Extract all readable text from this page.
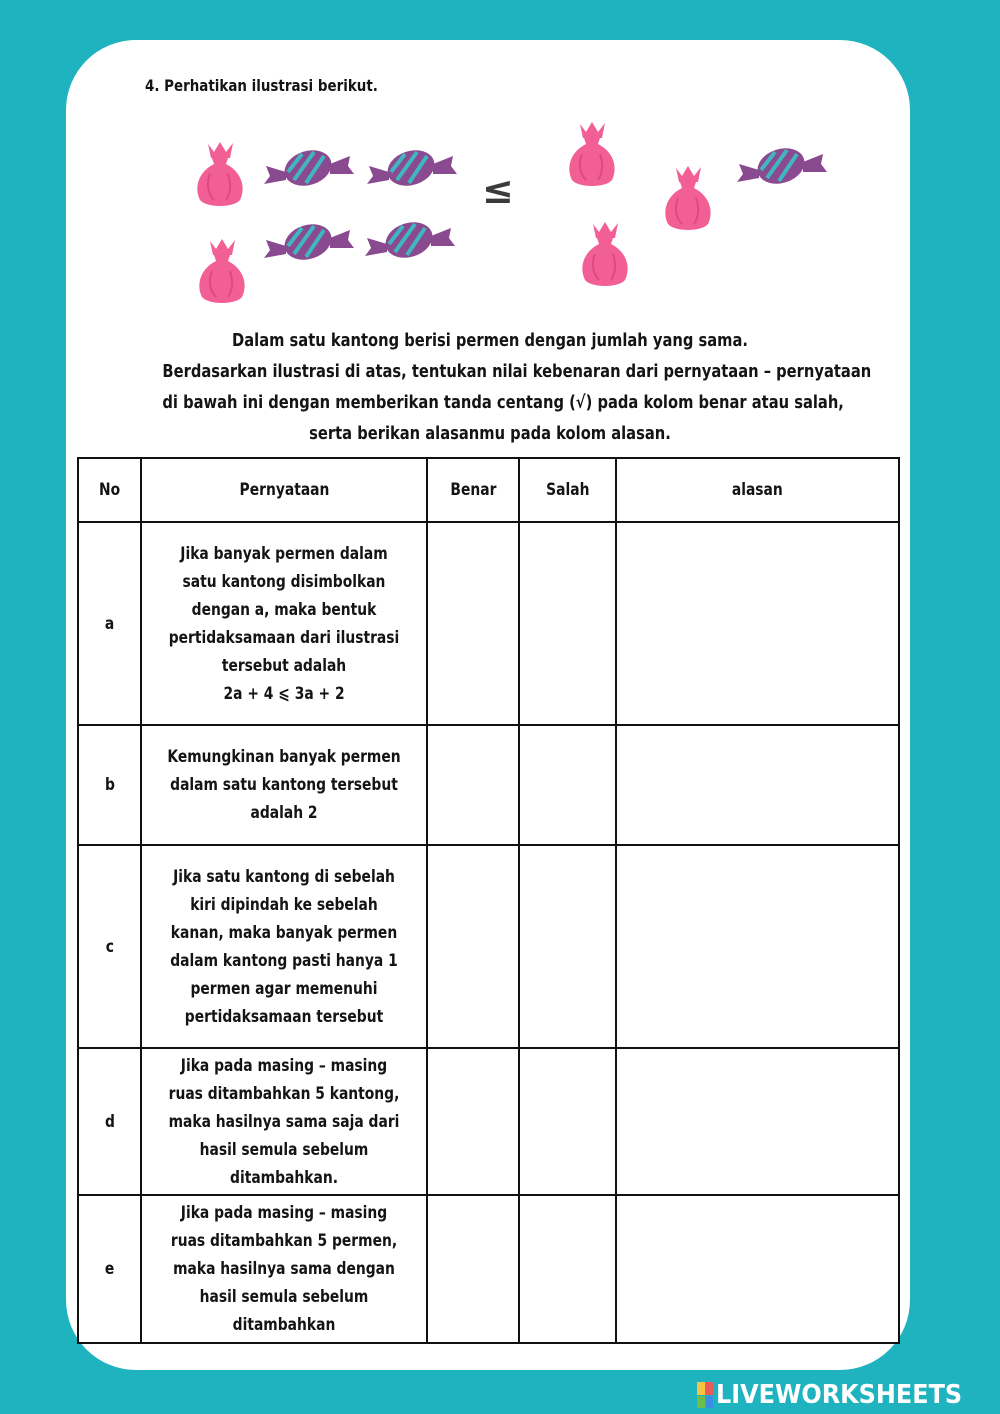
4. Perhatikan ilustrasi berikut.
≤
Dalam satu kantong berisi permen dengan jumlah yang sama.
Berdasarkan ilustrasi di atas, tentukan nilai kebenaran dari pernyataan – pernyataan
di bawah ini dengan memberikan tanda centang (√) pada kolom benar atau salah,
serta berikan alasanmu pada kolom alasan.
No	Pernyataan	Benar	Salah	alasan
a	Jika banyak permen dalam satu kantong disimbolkan dengan a, maka bentuk pertidaksamaan dari ilustrasi tersebut adalah
2a + 4 ⩽ 3a + 2			
b	Kemungkinan banyak permen dalam satu kantong tersebut adalah 2			
c	Jika satu kantong di sebelah kiri dipindah ke sebelah kanan, maka banyak permen dalam kantong pasti hanya 1 permen agar memenuhi pertidaksamaan tersebut			
d	Jika pada masing – masing ruas ditambahkan 5 kantong, maka hasilnya sama saja dari hasil semula sebelum ditambahkan.			
e	Jika pada masing – masing ruas ditambahkan 5 permen, maka hasilnya sama dengan hasil semula sebelum ditambahkan			
LIVEWORKSHEETS
